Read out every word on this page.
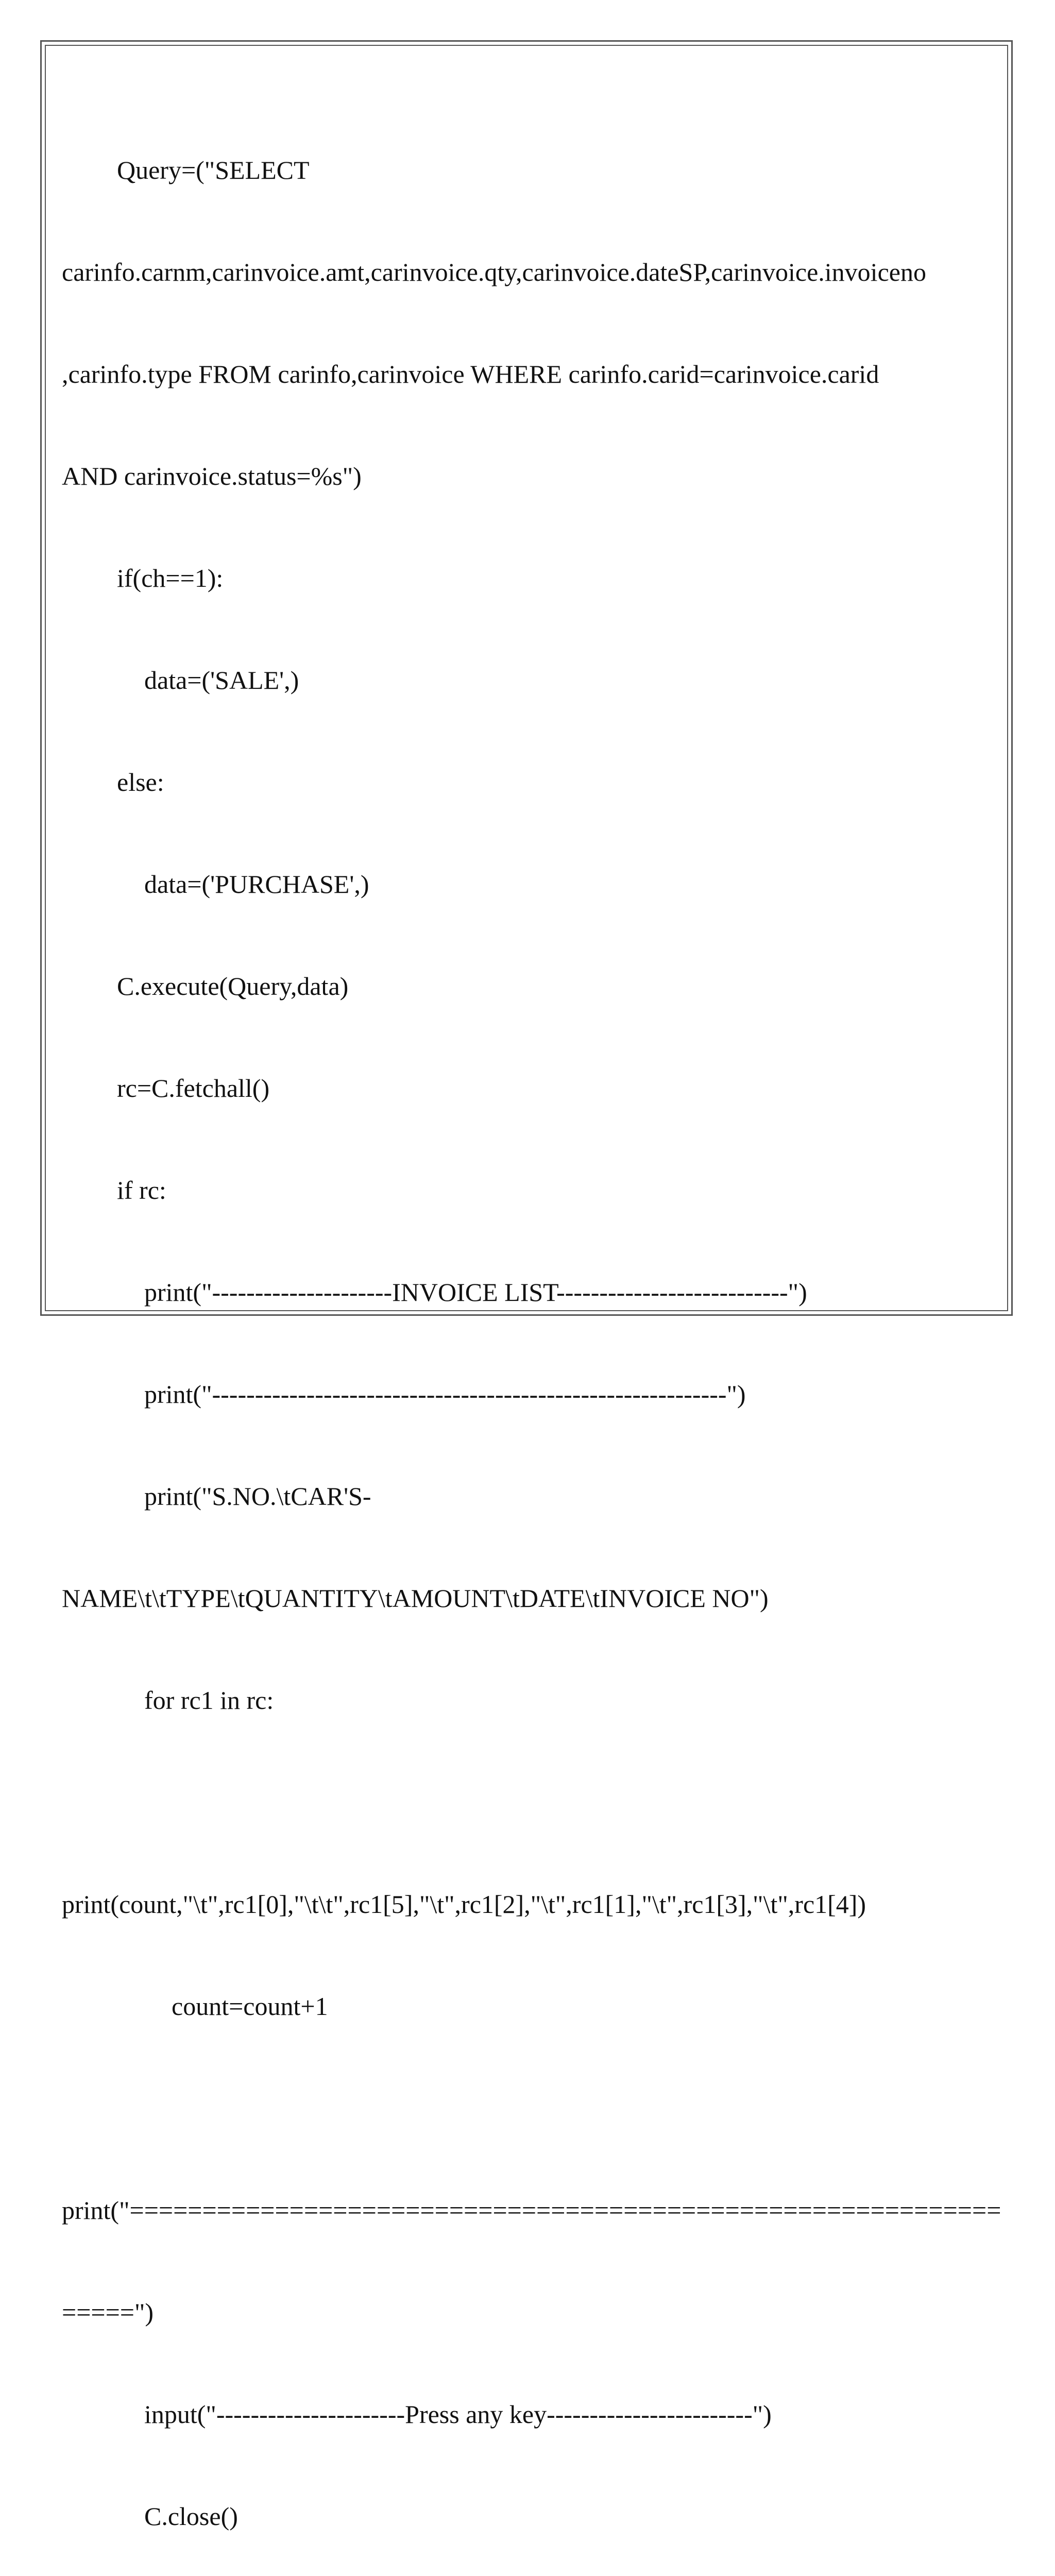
Query=("SELECT

carinfo.carnm,carinvoice.amt,carinvoice.qty,carinvoice.dateSP,carinvoice.invoiceno

,carinfo.type FROM carinfo,carinvoice WHERE carinfo.carid=carinvoice.carid

AND carinvoice.status=%s")

if(ch==1):

data=('SALE',)

else:

data=('PURCHASE',)

C.execute(Query,data)

rc=C.fetchall()

if rc:

print("---------------------INVOICE LIST---------------------------")

print("------------------------------------------------------------")

print("S.NO.\tCAR'S-

NAME\t\tTYPE\tQUANTITY\tAMOUNT\tDATE\tINVOICE NO")

for rc1 in rc:

print(count,"\t",rc1[0],"\t\t",rc1[5],"\t",rc1[2],"\t",rc1[1],"\t",rc1[3],"\t",rc1[4])

count=count+1

print("============================================================

=====")

input("----------------------Press any key------------------------")

C.close()
